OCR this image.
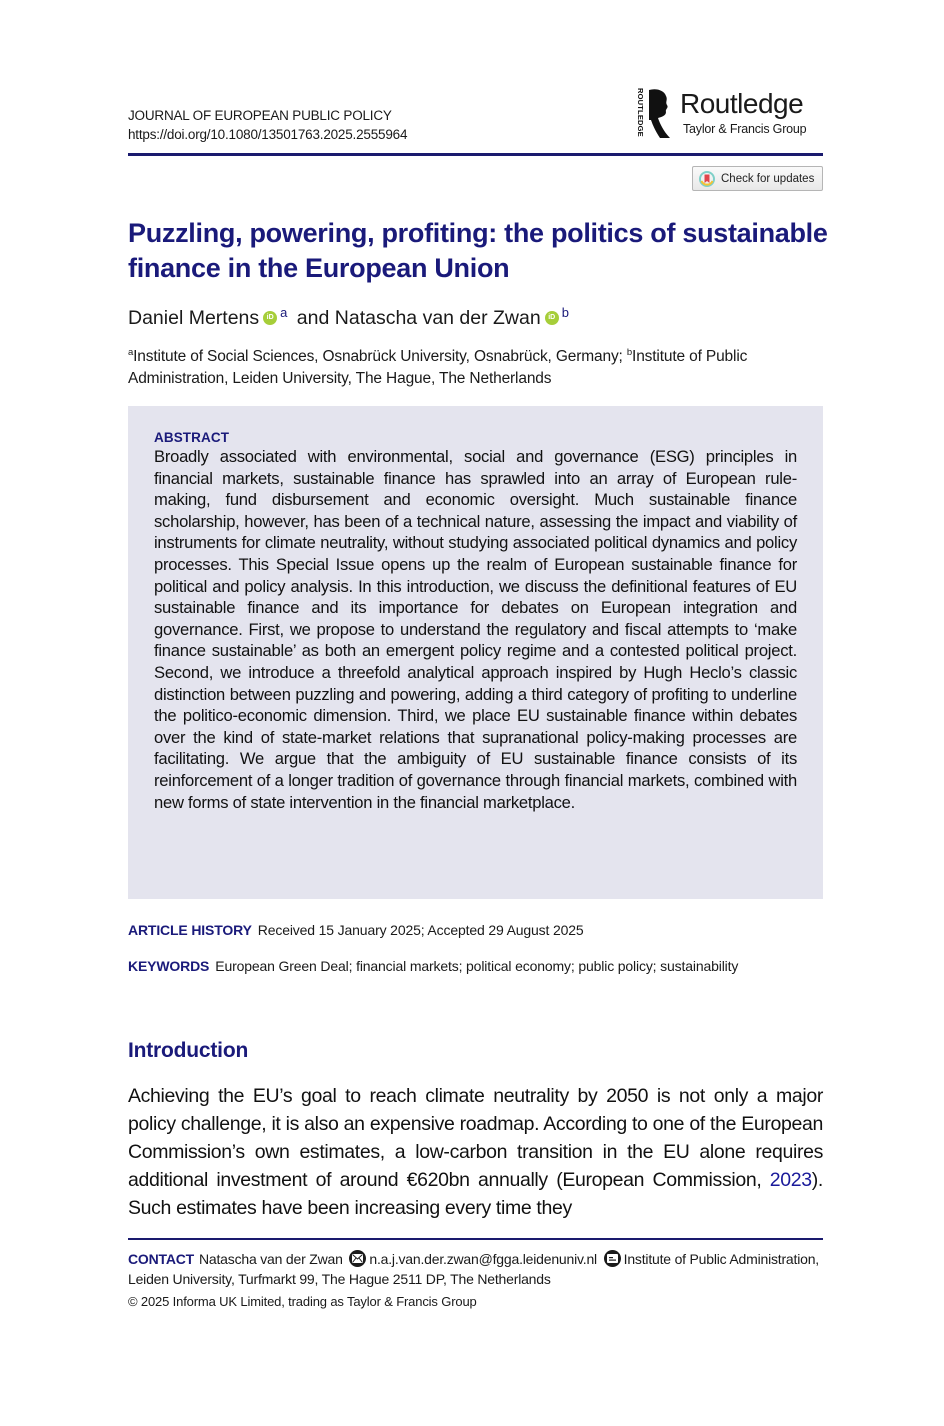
JOURNAL OF EUROPEAN PUBLIC POLICY
https://doi.org/10.1080/13501763.2025.2555964	ROUTLEDGE Routledge
Taylor & Francis Group
Check for updates
Puzzling, powering, profiting: the politics of sustainable finance in the European Union
Daniel Mertens iD $^a$ and Natascha van der Zwan iD $^b$
$^a$Institute of Social Sciences, Osnabrück University, Osnabrück, Germany; $^b$Institute of Public Administration, Leiden University, The Hague, The Netherlands
ABSTRACT

Broadly associated with environmental, social and governance (ESG) principles in financial markets, sustainable finance has sprawled into an array of European rule-making, fund disbursement and economic oversight. Much sustainable finance scholarship, however, has been of a technical nature, assessing the impact and viability of instruments for climate neutrality, without studying associated political dynamics and policy processes. This Special Issue opens up the realm of European sustainable finance for political and policy analysis. In this introduction, we discuss the definitional features of EU sustainable finance and its importance for debates on European integration and governance. First, we propose to understand the regulatory and fiscal attempts to ‘make finance sustainable’ as both an emergent policy regime and a contested political project. Second, we introduce a threefold analytical approach inspired by Hugh Heclo’s classic distinction between puzzling and powering, adding a third category of profiting to underline the politico-economic dimension. Third, we place EU sustainable finance within debates over the kind of state-market relations that supranational policy-making processes are facilitating. We argue that the ambiguity of EU sustainable finance consists of its reinforcement of a longer tradition of governance through financial markets, combined with new forms of state intervention in the financial marketplace.

ARTICLE HISTORY Received 15 January 2025; Accepted 29 August 2025
KEYWORDS European Green Deal; financial markets; political economy; public policy; sustainability
Introduction

Achieving the EU’s goal to reach climate neutrality by 2050 is not only a major policy challenge, it is also an expensive roadmap. According to one of the European Commission’s own estimates, a low-carbon transition in the EU alone requires additional investment of around €620bn annually (European Commission, 2023). Such estimates have been increasing every time they

CONTACT Natascha van der Zwan n.a.j.van.der.zwan@fgga.leidenuniv.nl Institute of Public Administration, Leiden University, Turfmarkt 99, The Hague 2511 DP, The Netherlands
© 2025 Informa UK Limited, trading as Taylor & Francis Group
